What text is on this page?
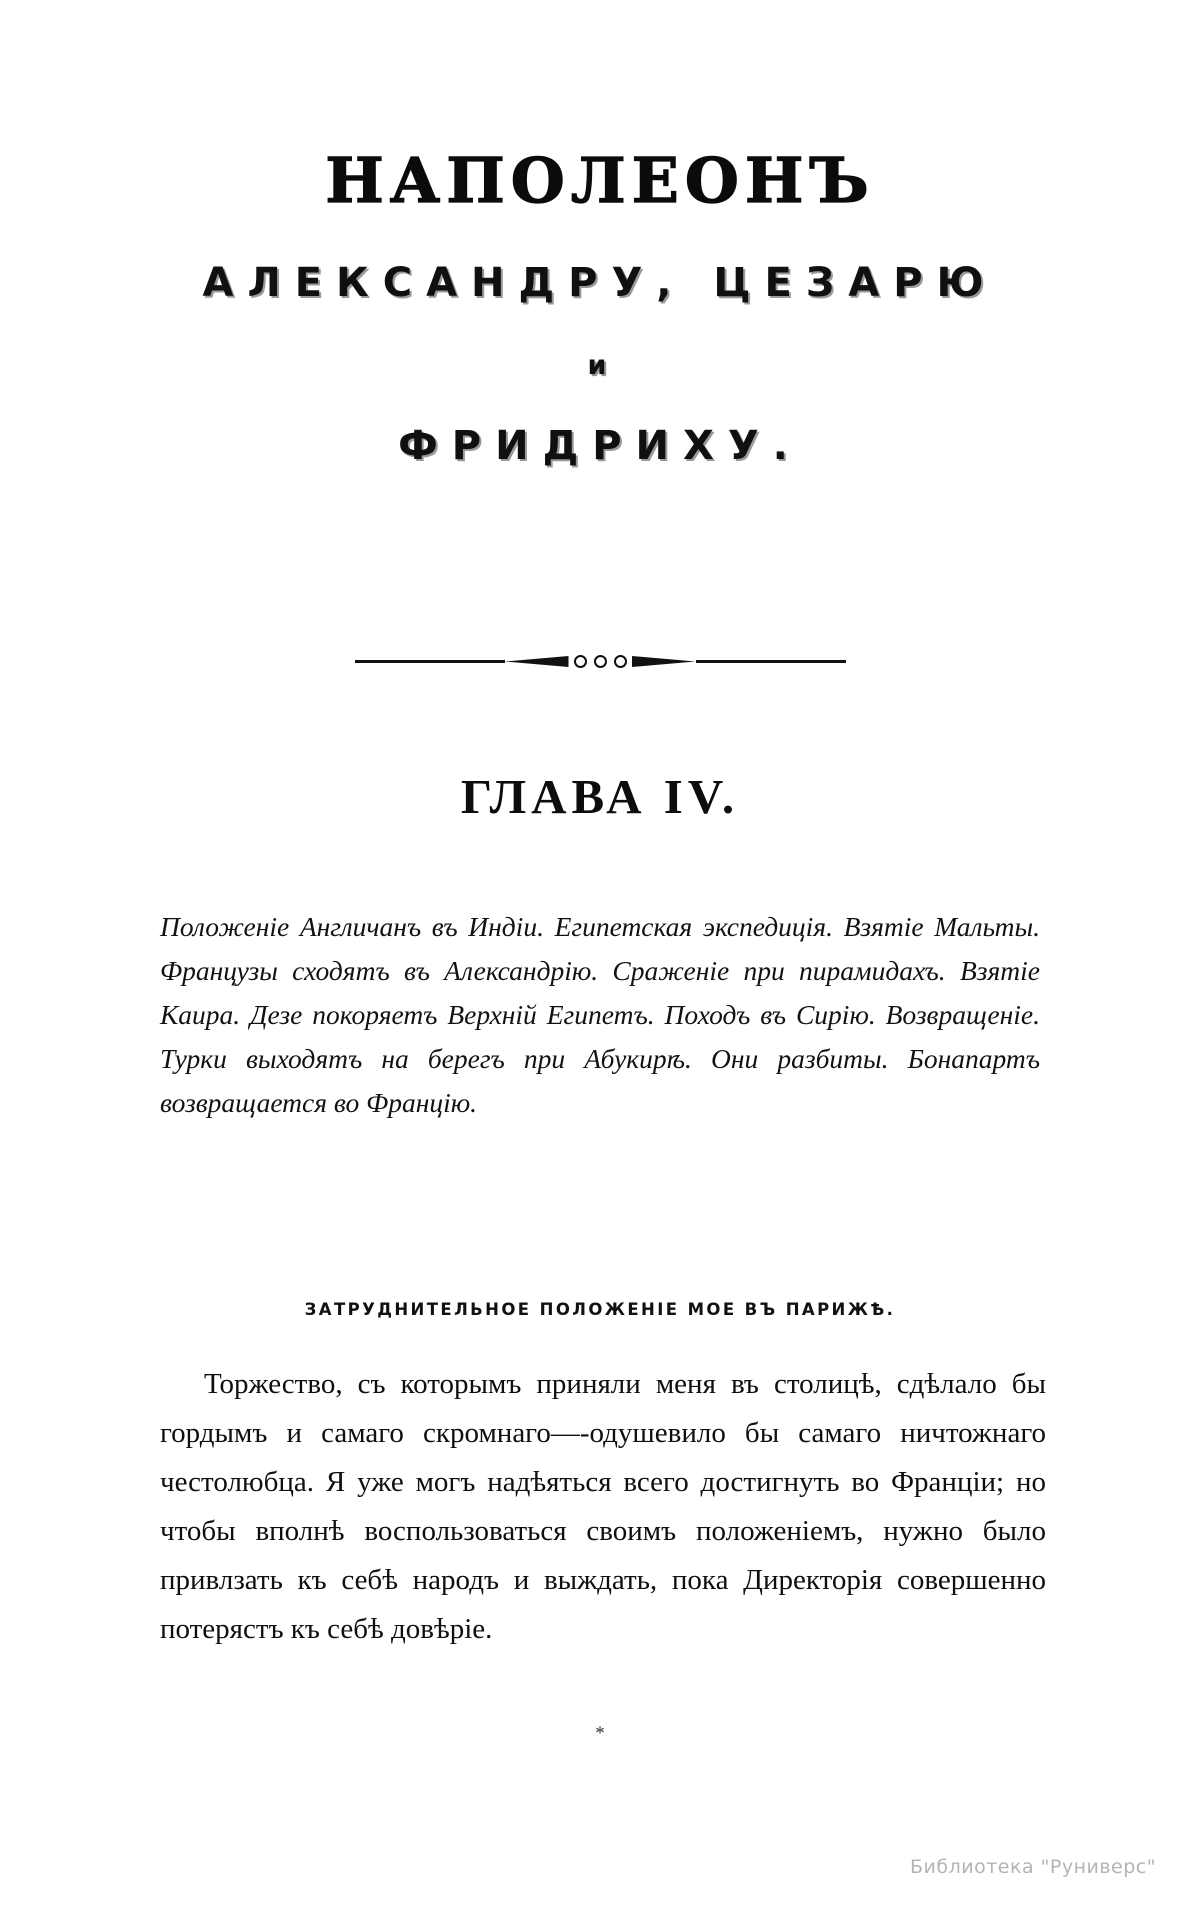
НАПОЛЕОНЪ
АЛЕКСАНДРУ, ЦЕЗАРЮ
и
ФРИДРИХУ.
ГЛАВА IV.
Положеніе Англичанъ въ Индіи. Египетская экспедиція. Взятіе Мальты. Французы сходятъ въ Александрію. Сраженіе при пирамидахъ. Взятіе Каира. Дезе покоряетъ Верхній Египетъ. Походъ въ Сирію. Возвращеніе. Турки выходятъ на берегъ при Абукирѣ. Они разбиты. Бонапартъ возвращается во Францію.
ЗАТРУДНИТЕЛЬНОЕ ПОЛОЖЕНІЕ МОЕ ВЪ ПАРИЖѢ.

Торжество, съ которымъ приняли меня въ столицѣ, сдѣлало бы гордымъ и самаго скромнаго—-одушевило бы самаго ничтожнаго честолюбца. Я уже могъ надѣяться всего достигнуть во Франціи; но чтобы вполнѣ воспользоваться своимъ положеніемъ, нужно было привлзать къ себѣ народъ и выждать, пока Директорія совершенно потерястъ къ себѣ довѣріе.

*
Библиотека "Руниверс"
